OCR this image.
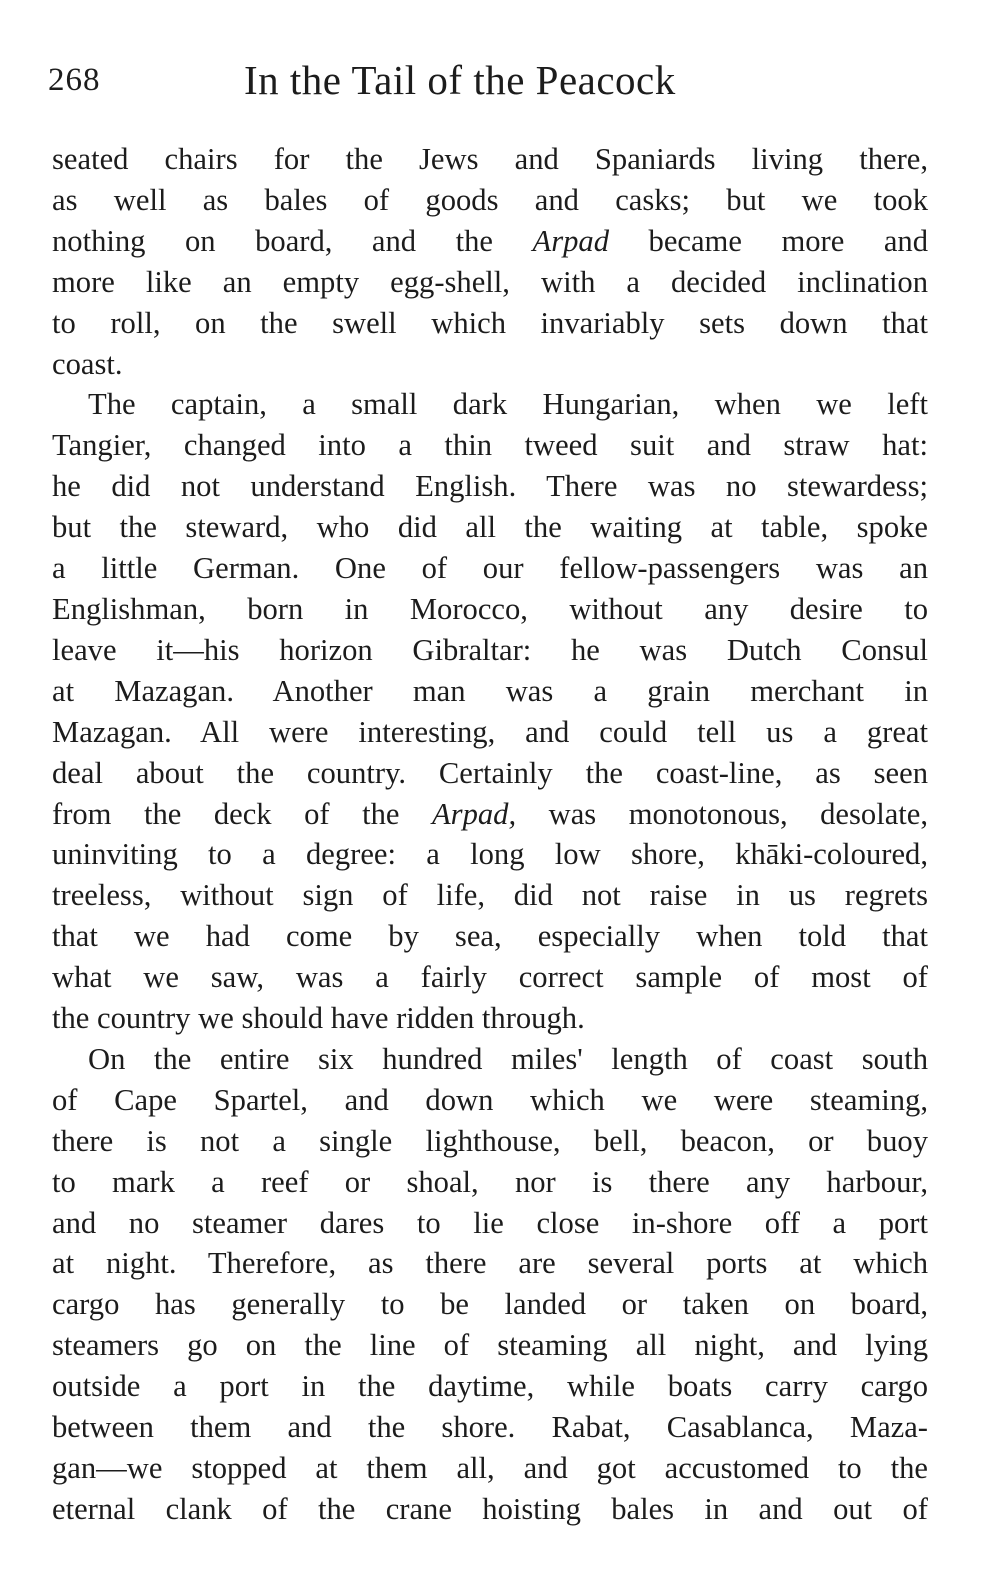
268	In the Tail of the Peacock
seated chairs for the Jews and Spaniards living there,
as well as bales of goods and casks; but we took
nothing on board, and the Arpad became more and
more like an empty egg-shell, with a decided inclination
to roll, on the swell which invariably sets down that
coast.
The captain, a small dark Hungarian, when we left
Tangier, changed into a thin tweed suit and straw hat:
he did not understand English. There was no stewardess;
but the steward, who did all the waiting at table, spoke
a little German. One of our fellow-passengers was an
Englishman, born in Morocco, without any desire to
leave it—his horizon Gibraltar: he was Dutch Consul
at Mazagan. Another man was a grain merchant in
Mazagan. All were interesting, and could tell us a great
deal about the country. Certainly the coast-line, as seen
from the deck of the Arpad, was monotonous, desolate,
uninviting to a degree: a long low shore, khāki-coloured,
treeless, without sign of life, did not raise in us regrets
that we had come by sea, especially when told that
what we saw, was a fairly correct sample of most of
the country we should have ridden through.
On the entire six hundred miles' length of coast south
of Cape Spartel, and down which we were steaming,
there is not a single lighthouse, bell, beacon, or buoy
to mark a reef or shoal, nor is there any harbour,
and no steamer dares to lie close in-shore off a port
at night. Therefore, as there are several ports at which
cargo has generally to be landed or taken on board,
steamers go on the line of steaming all night, and lying
outside a port in the daytime, while boats carry cargo
between them and the shore. Rabat, Casablanca, Maza-
gan—we stopped at them all, and got accustomed to the
eternal clank of the crane hoisting bales in and out of
